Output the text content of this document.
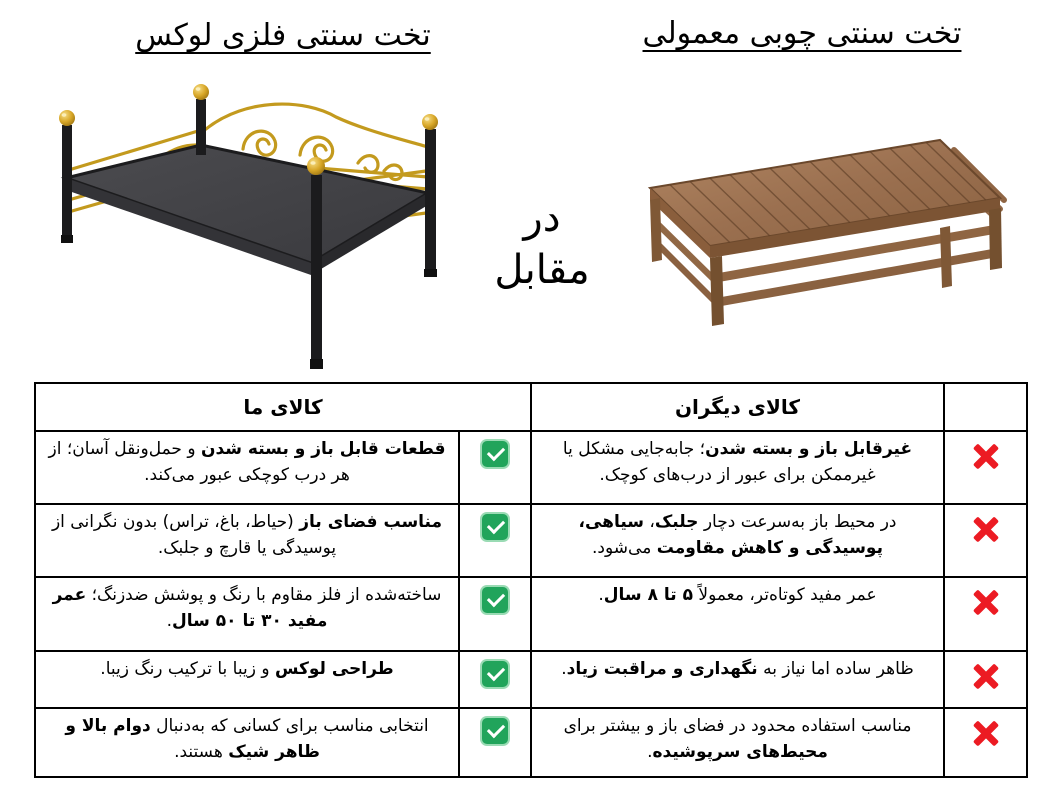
تخت سنتی چوبی معمولی
تخت سنتی فلزی لوکس
در
مقابل
	کالای دیگران	کالای ما	
	غیرقابل باز و بسته شدن؛ جابه‌جایی مشکل یا غیرممکن برای عبور از درب‌های کوچک.		قطعات قابل باز و بسته شدن و حمل‌ونقل آسان؛ از هر درب کوچکی عبور می‌کند.
	در محیط باز به‌سرعت دچار جلبک، سیاهی، پوسیدگی و کاهش مقاومت می‌شود.		مناسب فضای باز (حیاط، باغ، تراس) بدون نگرانی از پوسیدگی یا قارچ و جلبک.
	عمر مفید کوتاه‌تر، معمولاً ۵ تا ۸ سال.		ساخته‌شده از فلز مقاوم با رنگ و پوشش ضدزنگ؛ عمر مفید ۳۰ تا ۵۰ سال.
	ظاهر ساده اما نیاز به نگهداری و مراقبت زیاد.		طراحی لوکس و زیبا با ترکیب رنگ زیبا.
	مناسب استفاده محدود در فضای باز و بیشتر برای محیط‌های سرپوشیده.		انتخابی مناسب برای کسانی که به‌دنبال دوام بالا و ظاهر شیک هستند.
